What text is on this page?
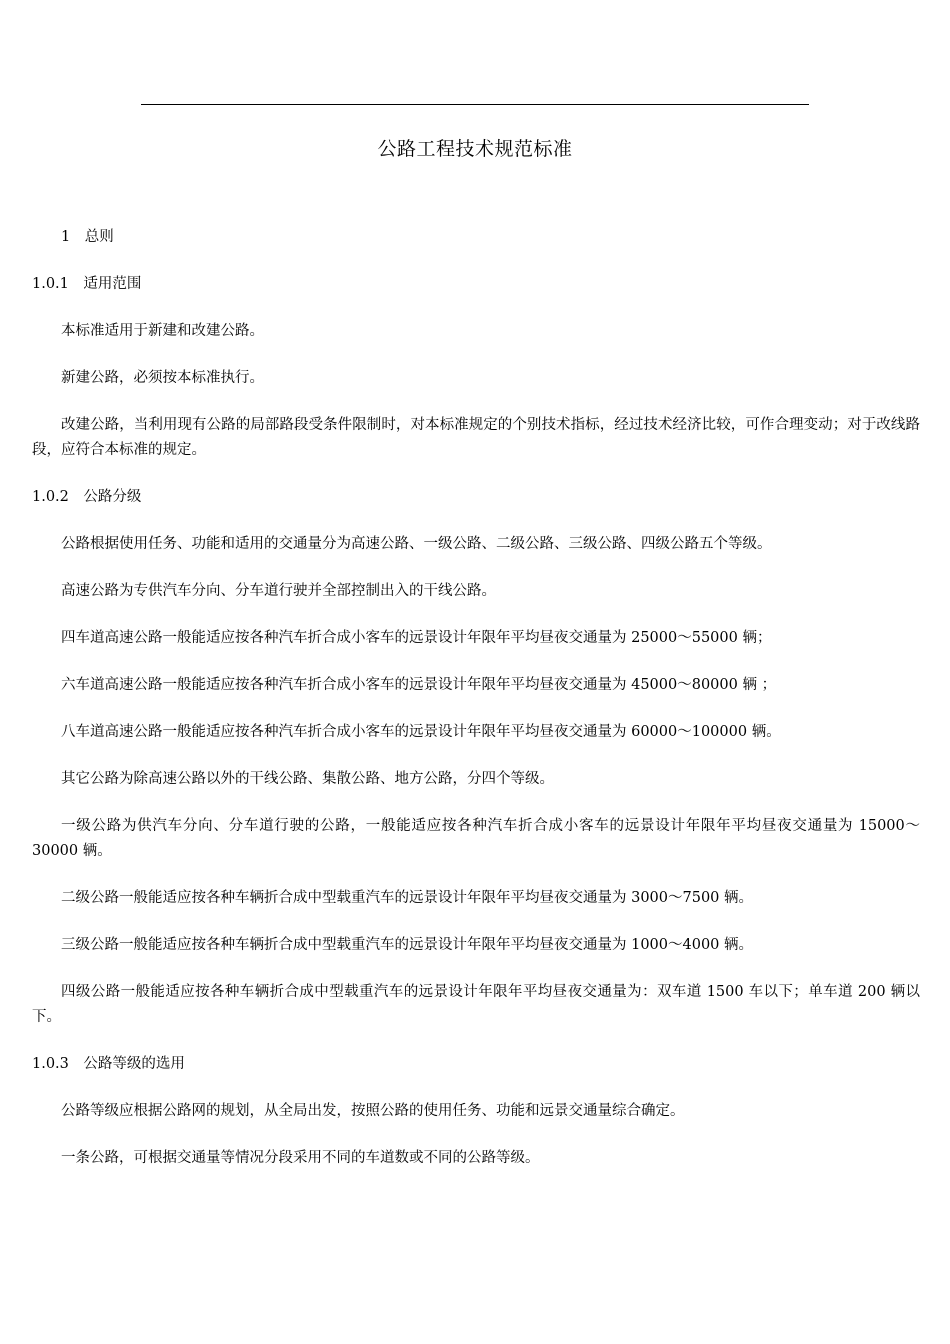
公路工程技术规范标准
1　总则
1.0.1　适用范围
本标准适用于新建和改建公路。
新建公路，必须按本标准执行。
改建公路，当利用现有公路的局部路段受条件限制时，对本标准规定的个别技术指标，经过技术经济比较，可作合理变动；对于改线路段，应符合本标准的规定。
1.0.2　公路分级
公路根据使用任务、功能和适用的交通量分为高速公路、一级公路、二级公路、三级公路、四级公路五个等级。
高速公路为专供汽车分向、分车道行驶并全部控制出入的干线公路。
四车道高速公路一般能适应按各种汽车折合成小客车的远景设计年限年平均昼夜交通量为 25000～55000 辆；
六车道高速公路一般能适应按各种汽车折合成小客车的远景设计年限年平均昼夜交通量为 45000～80000 辆 ；
八车道高速公路一般能适应按各种汽车折合成小客车的远景设计年限年平均昼夜交通量为 60000～100000 辆。
其它公路为除高速公路以外的干线公路、集散公路、地方公路，分四个等级。
一级公路为供汽车分向、分车道行驶的公路，一般能适应按各种汽车折合成小客车的远景设计年限年平均昼夜交通量为 15000～30000 辆。
二级公路一般能适应按各种车辆折合成中型载重汽车的远景设计年限年平均昼夜交通量为 3000～7500 辆。
三级公路一般能适应按各种车辆折合成中型载重汽车的远景设计年限年平均昼夜交通量为 1000～4000 辆。
四级公路一般能适应按各种车辆折合成中型载重汽车的远景设计年限年平均昼夜交通量为：双车道 1500 车以下；单车道 200 辆以下。
1.0.3　公路等级的选用
公路等级应根据公路网的规划，从全局出发，按照公路的使用任务、功能和远景交通量综合确定。
一条公路，可根据交通量等情况分段采用不同的车道数或不同的公路等级。
